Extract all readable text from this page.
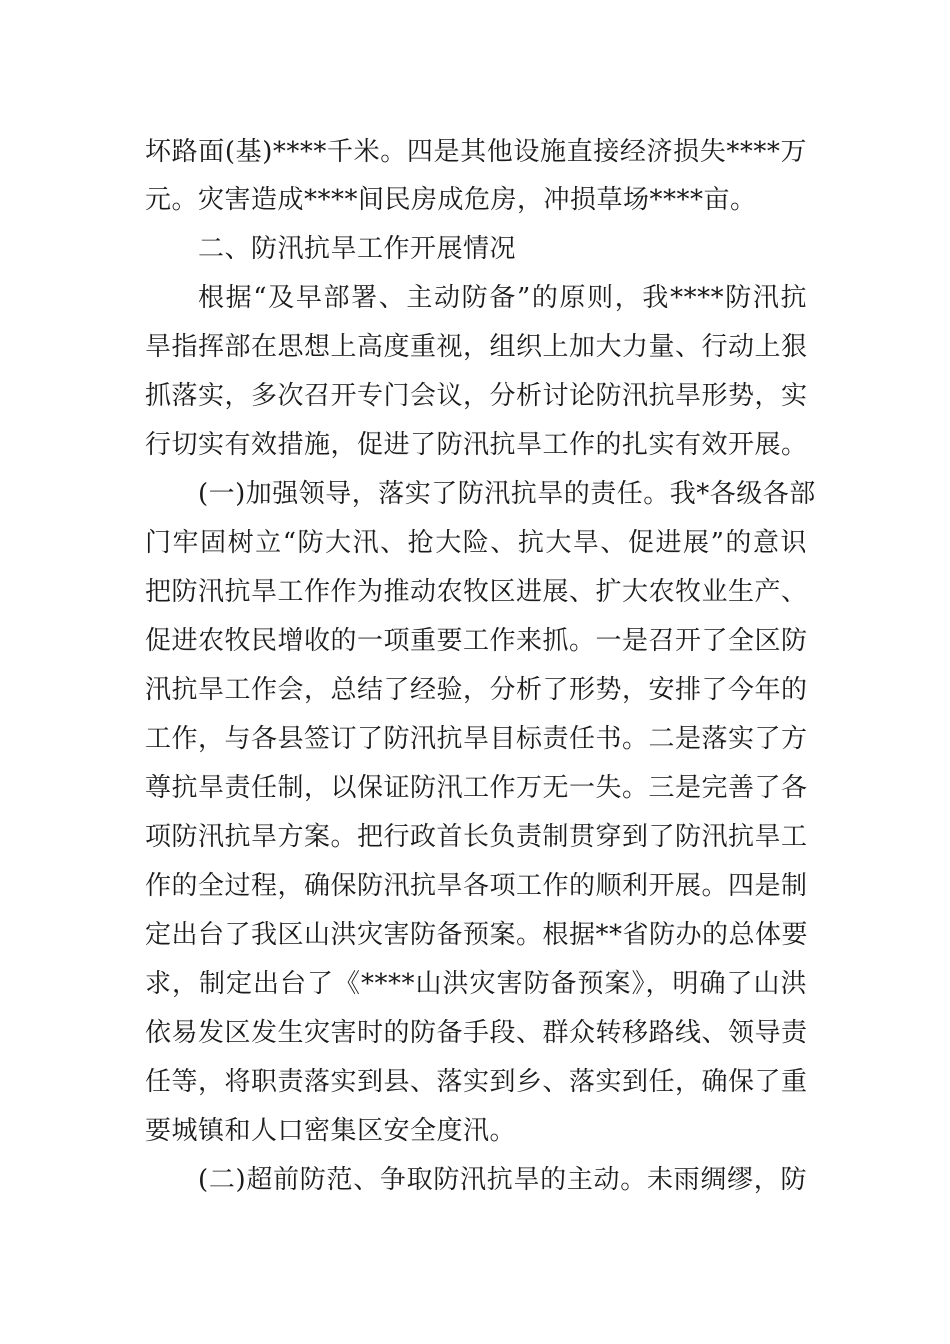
坏路面(基)****千米。四是其他设施直接经济损失****万
元。灾害造成****间民房成危房，冲损草场****亩。
二、防汛抗旱工作开展情况
根据“及早部署、主动防备”的原则，我****防汛抗
旱指挥部在思想上高度重视，组织上加大力量、行动上狠
抓落实，多次召开专门会议，分析讨论防汛抗旱形势，实
行切实有效措施，促进了防汛抗旱工作的扎实有效开展。
(一)加强领导，落实了防汛抗旱的责任。我*各级各部
门牢固树立“防大汛、抢大险、抗大旱、促进展”的意识
把防汛抗旱工作作为推动农牧区进展、扩大农牧业生产、
促进农牧民增收的一项重要工作来抓。一是召开了全区防
汛抗旱工作会，总结了经验，分析了形势，安排了今年的
工作，与各县签订了防汛抗旱目标责任书。二是落实了方
尊抗旱责任制，以保证防汛工作万无一失。三是完善了各
项防汛抗旱方案。把行政首长负责制贯穿到了防汛抗旱工
作的全过程，确保防汛抗旱各项工作的顺利开展。四是制
定出台了我区山洪灾害防备预案。根据**省防办的总体要
求，制定出台了《****山洪灾害防备预案》，明确了山洪
依易发区发生灾害时的防备手段、群众转移路线、领导责
任等，将职责落实到县、落实到乡、落实到任，确保了重
要城镇和人口密集区安全度汛。
(二)超前防范、争取防汛抗旱的主动。未雨绸缪，防
